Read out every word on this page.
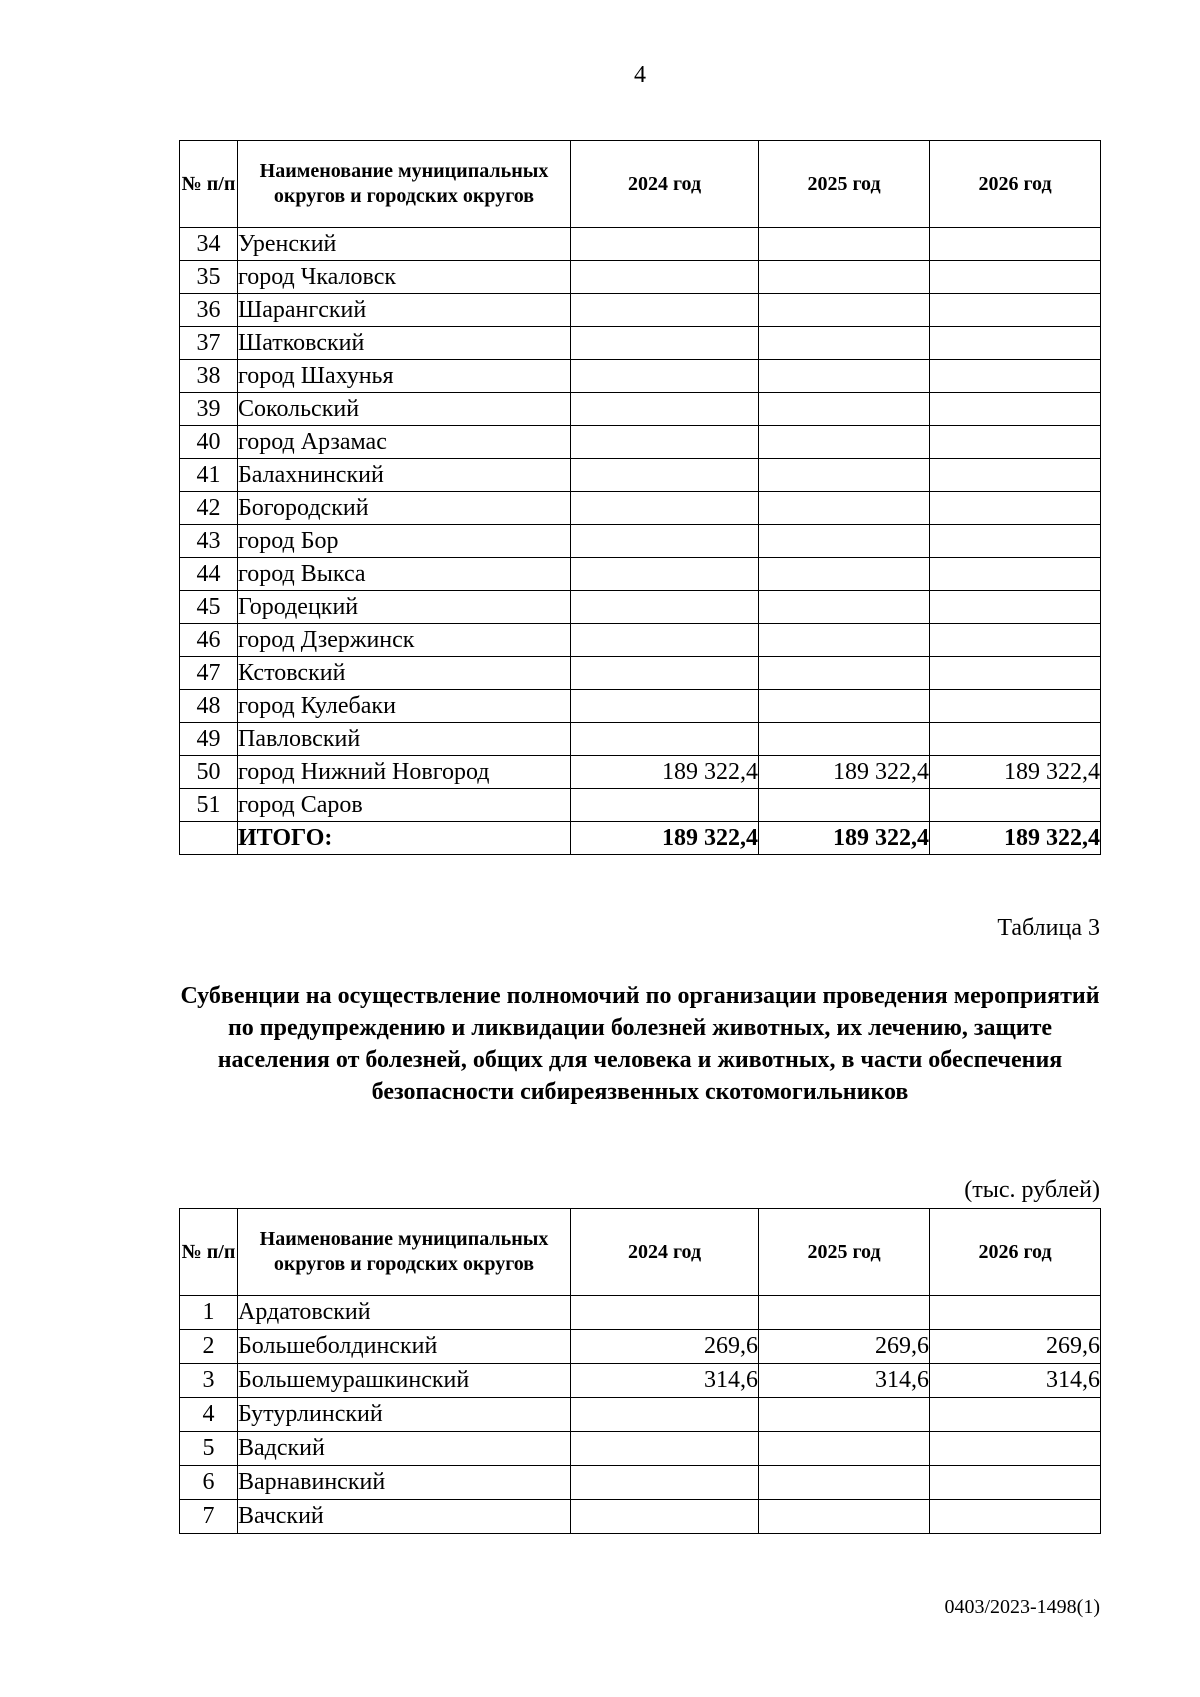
4
№ п/п	Наименование муниципальных округов и городских округов	2024 год	2025 год	2026 год
34	Уренский			
35	город Чкаловск			
36	Шарангский			
37	Шатковский			
38	город Шахунья			
39	Сокольский			
40	город Арзамас			
41	Балахнинский			
42	Богородский			
43	город Бор			
44	город Выкса			
45	Городецкий			
46	город Дзержинск			
47	Кстовский			
48	город Кулебаки			
49	Павловский			
50	город Нижний Новгород	189 322,4	189 322,4	189 322,4
51	город Саров			
	ИТОГО:	189 322,4	189 322,4	189 322,4
Таблица 3
Субвенции на осуществление полномочий по организации проведения мероприятий по предупреждению и ликвидации болезней животных, их лечению, защите населения от болезней, общих для человека и животных, в части обеспечения безопасности сибиреязвенных скотомогильников
(тыс. рублей)
№ п/п	Наименование муниципальных округов и городских округов	2024 год	2025 год	2026 год
1	Ардатовский			
2	Большеболдинский	269,6	269,6	269,6
3	Большемурашкинский	314,6	314,6	314,6
4	Бутурлинский			
5	Вадский			
6	Варнавинский			
7	Вачский			
0403/2023-1498(1)
